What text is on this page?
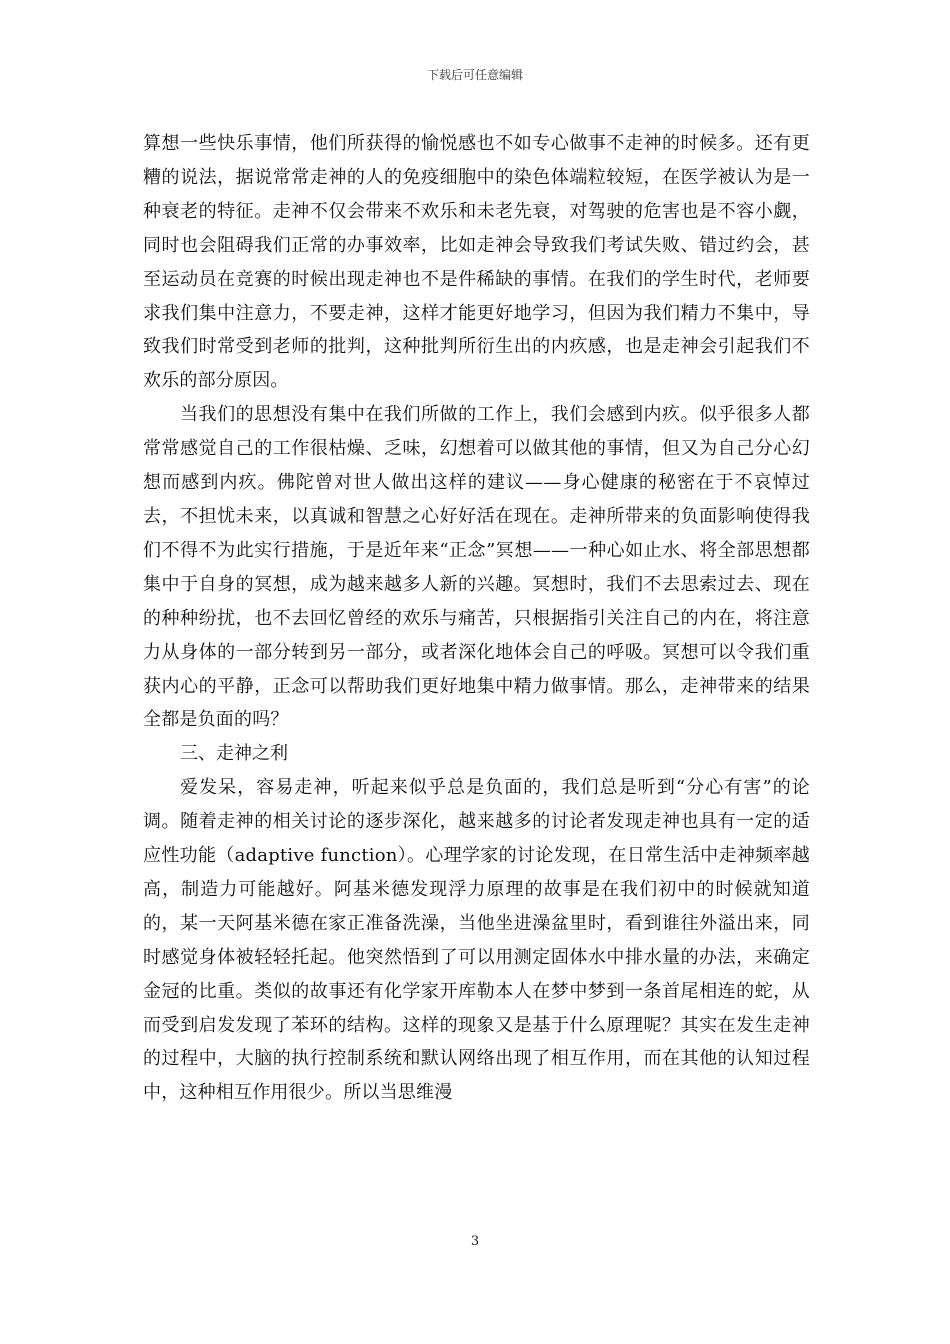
下载后可任意编辑

算想一些快乐事情，他们所获得的愉悦感也不如专心做事不走神的时候多。还有更糟的说法，据说常常走神的人的免疫细胞中的染色体端粒较短，在医学被认为是一种衰老的特征。走神不仅会带来不欢乐和未老先衰，对驾驶的危害也是不容小觑，同时也会阻碍我们正常的办事效率，比如走神会导致我们考试失败、错过约会，甚至运动员在竞赛的时候出现走神也不是件稀缺的事情。在我们的学生时代，老师要求我们集中注意力，不要走神，这样才能更好地学习，但因为我们精力不集中，导致我们时常受到老师的批判，这种批判所衍生出的内疚感，也是走神会引起我们不欢乐的部分原因。

当我们的思想没有集中在我们所做的工作上，我们会感到内疚。似乎很多人都常常感觉自己的工作很枯燥、乏味，幻想着可以做其他的事情，但又为自己分心幻想而感到内疚。佛陀曾对世人做出这样的建议——身心健康的秘密在于不哀悼过去，不担忧未来，以真诚和智慧之心好好活在现在。走神所带来的负面影响使得我们不得不为此实行措施，于是近年来“正念”冥想——一种心如止水、将全部思想都集中于自身的冥想，成为越来越多人新的兴趣。冥想时，我们不去思索过去、现在的种种纷扰，也不去回忆曾经的欢乐与痛苦，只根据指引关注自己的内在，将注意力从身体的一部分转到另一部分，或者深化地体会自己的呼吸。冥想可以令我们重获内心的平静，正念可以帮助我们更好地集中精力做事情。那么，走神带来的结果全都是负面的吗？

三、走神之利

爱发呆，容易走神，听起来似乎总是负面的，我们总是听到“分心有害”的论调。随着走神的相关讨论的逐步深化，越来越多的讨论者发现走神也具有一定的适应性功能（adaptive function）。心理学家的讨论发现，在日常生活中走神频率越高，制造力可能越好。阿基米德发现浮力原理的故事是在我们初中的时候就知道的，某一天阿基米德在家正准备洗澡，当他坐进澡盆里时，看到谁往外溢出来，同时感觉身体被轻轻托起。他突然悟到了可以用测定固体水中排水量的办法，来确定金冠的比重。类似的故事还有化学家开库勒本人在梦中梦到一条首尾相连的蛇，从而受到启发发现了苯环的结构。这样的现象又是基于什么原理呢？其实在发生走神的过程中，大脑的执行控制系统和默认网络出现了相互作用，而在其他的认知过程中，这种相互作用很少。所以当思维漫

3
